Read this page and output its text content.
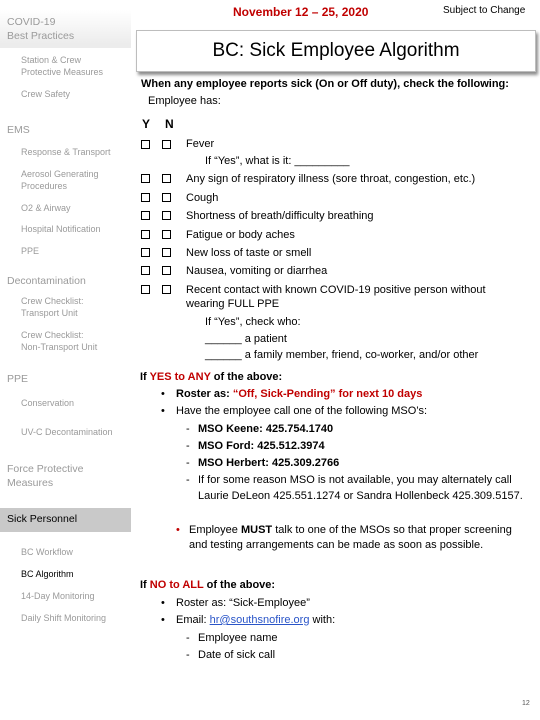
COVID-19
Best Practices
Station & Crew
Protective Measures
Crew Safety
EMS
Response & Transport
Aerosol Generating
Procedures
O2 & Airway
Hospital Notification
PPE
Decontamination
Crew Checklist:
Transport Unit
Crew Checklist:
Non-Transport Unit
PPE
Conservation
UV-C Decontamination
Force Protective
Measures
Sick Personnel
BC Workflow
BC Algorithm
14-Day Monitoring
Daily Shift Monitoring
November 12 – 25, 2020	Subject to Change
BC: Sick Employee Algorithm
When any employee reports sick (On or Off duty), check the following:
Employee has:
Y N
Fever
If “Yes”, what is it: _________
Any sign of respiratory illness (sore throat, congestion, etc.)
Cough
Shortness of breath/difficulty breathing
Fatigue or body aches
New loss of taste or smell
Nausea, vomiting or diarrhea
Recent contact with known COVID-19 positive person without
wearing FULL PPE
If “Yes”, check who:
______ a patient
______ a family member, friend, co-worker, and/or other
If YES to ANY of the above:
• Roster as: “Off, Sick-Pending” for next 10 days
• Have the employee call one of the following MSO’s:
- MSO Keene: 425.754.1740
- MSO Ford: 425.512.3974
- MSO Herbert: 425.309.2766
- If for some reason MSO is not available, you may alternately call
Laurie DeLeon 425.551.1274 or Sandra Hollenbeck 425.309.5157.
• Employee MUST talk to one of the MSOs so that proper screening
and testing arrangements can be made as soon as possible.
If NO to ALL of the above:
• Roster as: “Sick-Employee”
• Email: hr@southsnofire.org with:
- Employee name
- Date of sick call
12
